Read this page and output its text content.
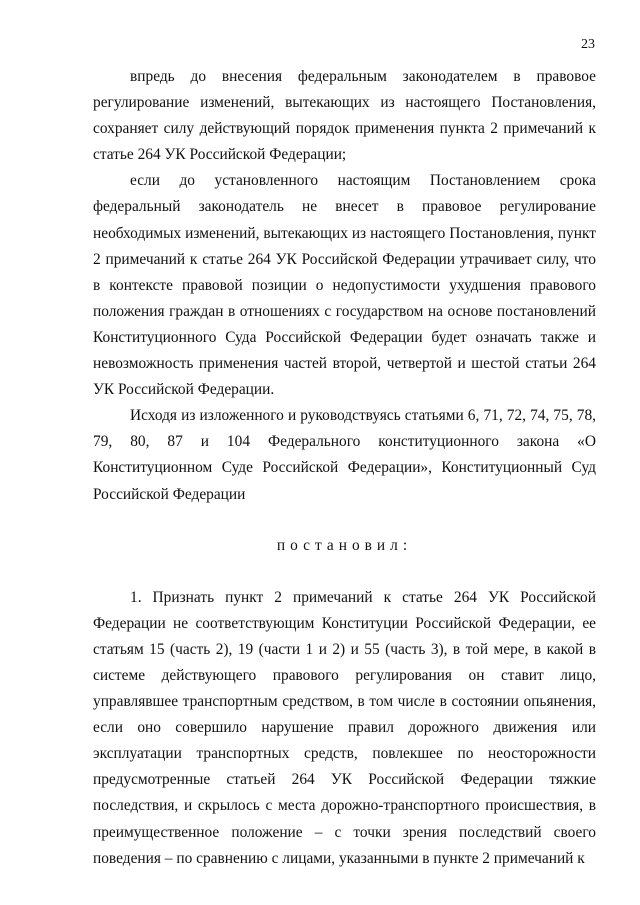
23

впредь до внесения федеральным законодателем в правовое регулирование изменений, вытекающих из настоящего Постановления, сохраняет силу действующий порядок применения пункта 2 примечаний к статье 264 УК Российской Федерации;

если до установленного настоящим Постановлением срока федеральный законодатель не внесет в правовое регулирование необходимых изменений, вытекающих из настоящего Постановления, пункт 2 примечаний к статье 264 УК Российской Федерации утрачивает силу, что в контексте правовой позиции о недопустимости ухудшения правового положения граждан в отношениях с государством на основе постановлений Конституционного Суда Российской Федерации будет означать также и невозможность применения частей второй, четвертой и шестой статьи 264 УК Российской Федерации.

Исходя из изложенного и руководствуясь статьями 6, 71, 72, 74, 75, 78, 79, 80, 87 и 104 Федерального конституционного закона «О Конституционном Суде Российской Федерации», Конституционный Суд Российской Федерации

постановил:

1. Признать пункт 2 примечаний к статье 264 УК Российской Федерации не соответствующим Конституции Российской Федерации, ее статьям 15 (часть 2), 19 (части 1 и 2) и 55 (часть 3), в той мере, в какой в системе действующего правового регулирования он ставит лицо, управлявшее транспортным средством, в том числе в состоянии опьянения, если оно совершило нарушение правил дорожного движения или эксплуатации транспортных средств, повлекшее по неосторожности предусмотренные статьей 264 УК Российской Федерации тяжкие последствия, и скрылось с места дорожно-транспортного происшествия, в преимущественное положение – с точки зрения последствий своего поведения – по сравнению с лицами, указанными в пункте 2 примечаний к
